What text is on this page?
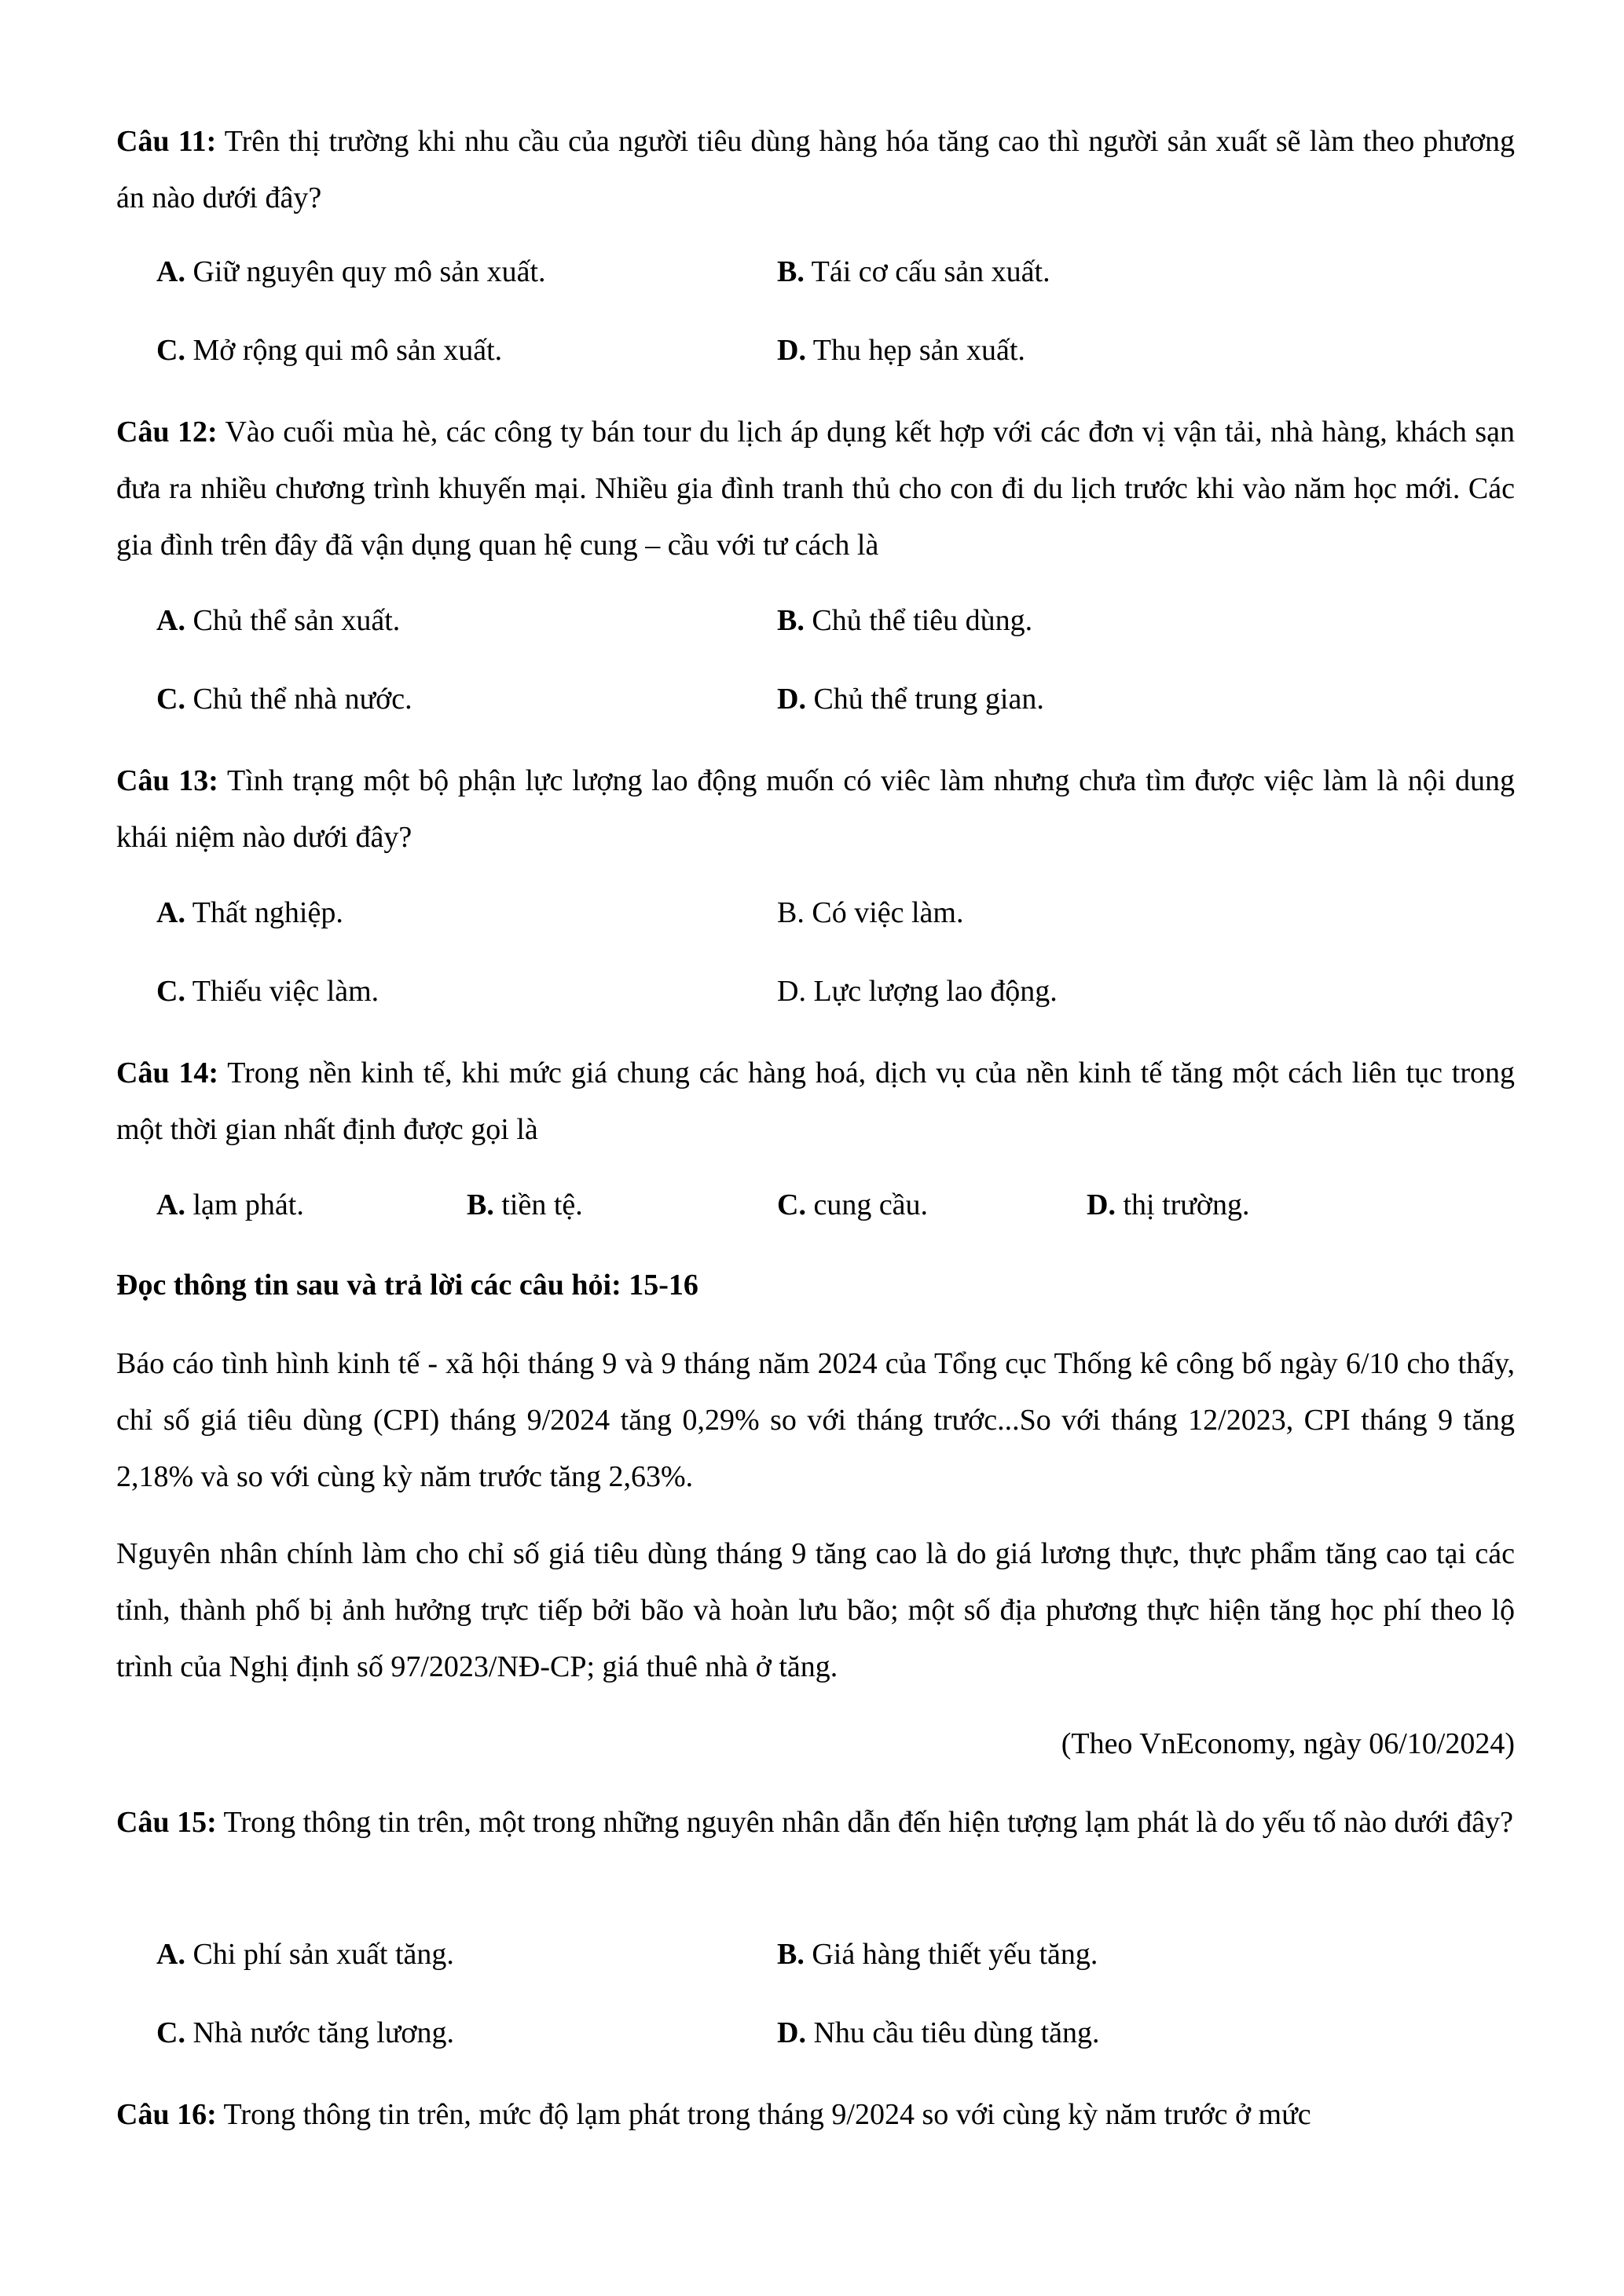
Câu 11: Trên thị trường khi nhu cầu của người tiêu dùng hàng hóa tăng cao thì người sản xuất sẽ làm theo phương án nào dưới đây?

A. Giữ nguyên quy mô sản xuất.	B. Tái cơ cấu sản xuất.
C. Mở rộng qui mô sản xuất.	D. Thu hẹp sản xuất.

Câu 12: Vào cuối mùa hè, các công ty bán tour du lịch áp dụng kết hợp với các đơn vị vận tải, nhà hàng, khách sạn đưa ra nhiều chương trình khuyến mại. Nhiều gia đình tranh thủ cho con đi du lịch trước khi vào năm học mới. Các gia đình trên đây đã vận dụng quan hệ cung – cầu với tư cách là

A. Chủ thể sản xuất.	B. Chủ thể tiêu dùng.
C. Chủ thể nhà nước.	D. Chủ thể trung gian.

Câu 13: Tình trạng một bộ phận lực lượng lao động muốn có viêc làm nhưng chưa tìm được việc làm là nội dung khái niệm nào dưới đây?

A. Thất nghiệp.	B. Có việc làm.
C. Thiếu việc làm.	D. Lực lượng lao động.

Câu 14: Trong nền kinh tế, khi mức giá chung các hàng hoá, dịch vụ của nền kinh tế tăng một cách liên tục trong một thời gian nhất định được gọi là

A. lạm phát.	B. tiền tệ.	C. cung cầu.	D. thị trường.

Đọc thông tin sau và trả lời các câu hỏi: 15-16

Báo cáo tình hình kinh tế - xã hội tháng 9 và 9 tháng năm 2024 của Tổng cục Thống kê công bố ngày 6/10 cho thấy, chỉ số giá tiêu dùng (CPI) tháng 9/2024 tăng 0,29% so với tháng trước...So với tháng 12/2023, CPI tháng 9 tăng 2,18% và so với cùng kỳ năm trước tăng 2,63%.

Nguyên nhân chính làm cho chỉ số giá tiêu dùng tháng 9 tăng cao là do giá lương thực, thực phẩm tăng cao tại các tỉnh, thành phố bị ảnh hưởng trực tiếp bởi bão và hoàn lưu bão; một số địa phương thực hiện tăng học phí theo lộ trình của Nghị định số 97/2023/NĐ-CP; giá thuê nhà ở tăng.

(Theo VnEconomy, ngày 06/10/2024)

Câu 15: Trong thông tin trên, một trong những nguyên nhân dẫn đến hiện tượng lạm phát là do yếu tố nào dưới đây?

A. Chi phí sản xuất tăng.	B. Giá hàng thiết yếu tăng.
C. Nhà nước tăng lương.	D. Nhu cầu tiêu dùng tăng.

Câu 16: Trong thông tin trên, mức độ lạm phát trong tháng 9/2024 so với cùng kỳ năm trước ở mức
